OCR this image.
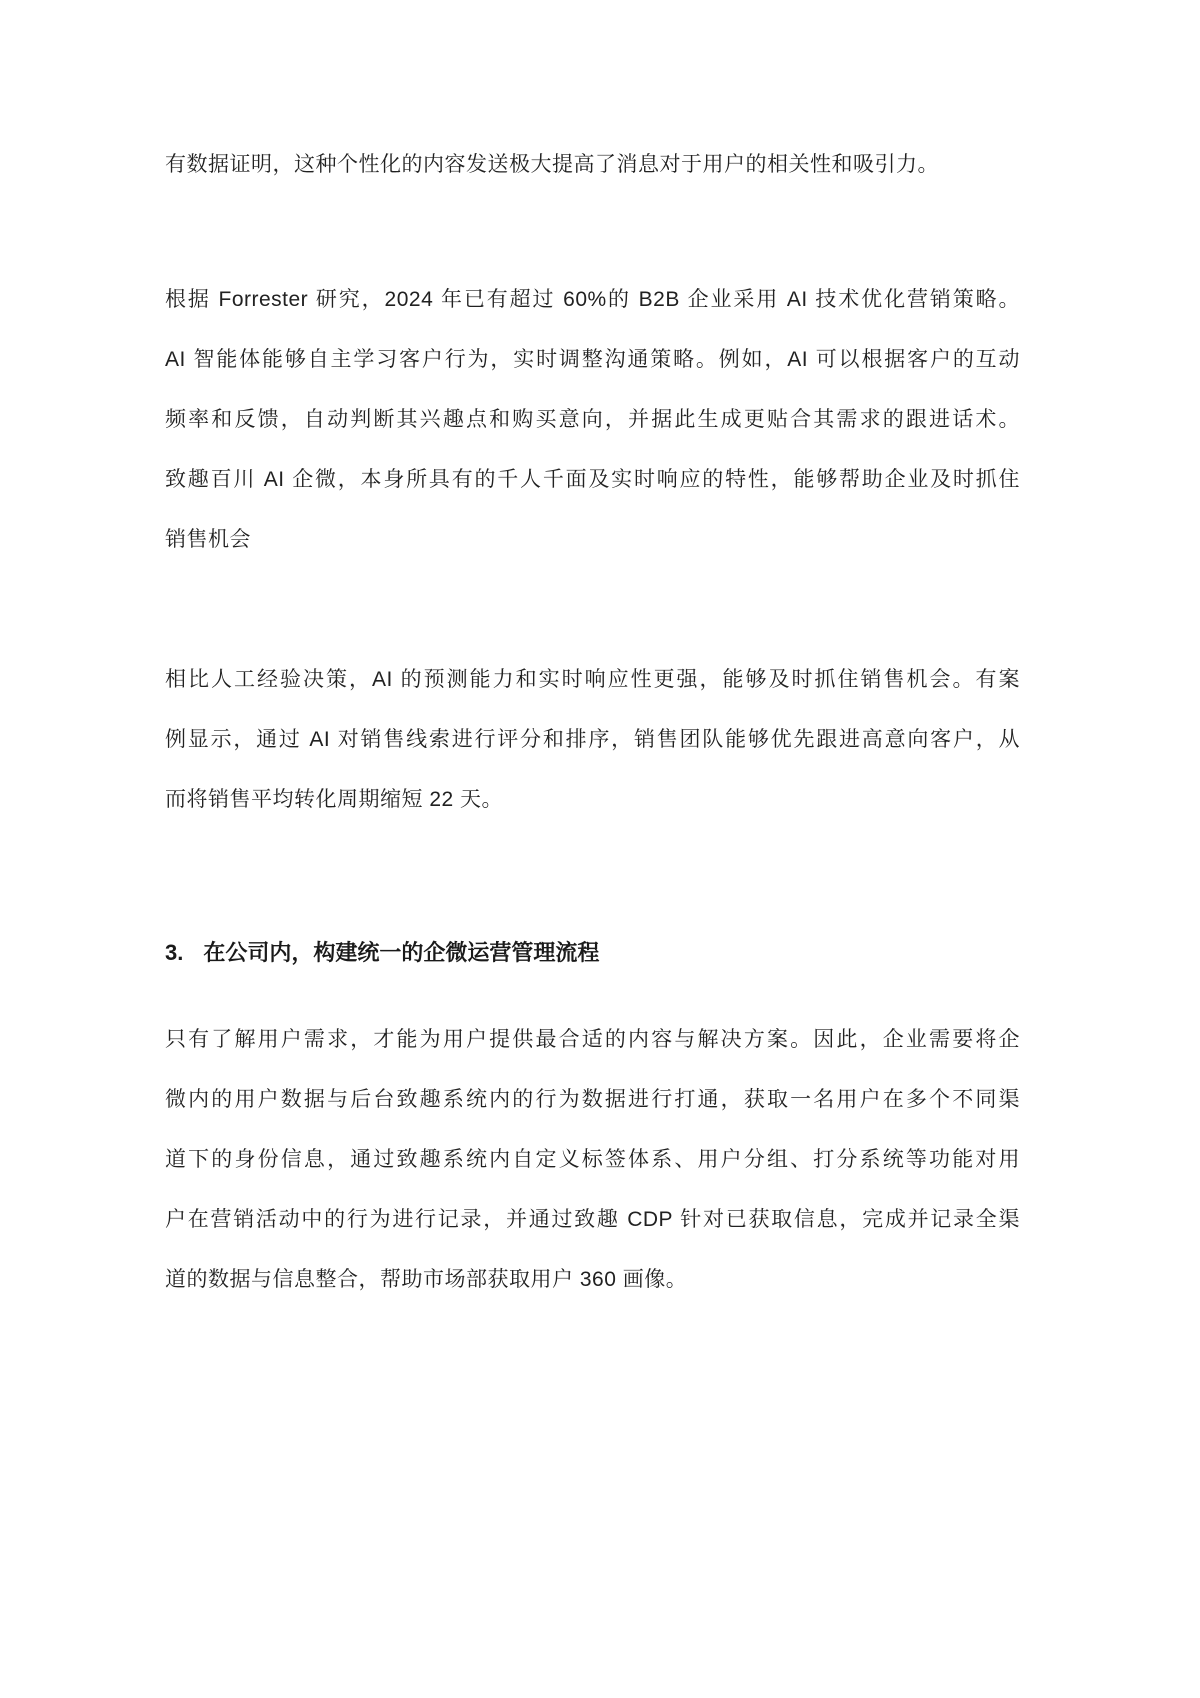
有数据证明，这种个性化的内容发送极大提高了消息对于用户的相关性和吸引力。
根据 Forrester 研究，2024 年已有超过 60%的 B2B 企业采用 AI 技术优化营销策略。
AI 智能体能够自主学习客户行为，实时调整沟通策略。例如，AI 可以根据客户的互动
频率和反馈，自动判断其兴趣点和购买意向，并据此生成更贴合其需求的跟进话术。
致趣百川 AI 企微，本身所具有的千人千面及实时响应的特性，能够帮助企业及时抓住
销售机会
相比人工经验决策，AI 的预测能力和实时响应性更强，能够及时抓住销售机会。有案
例显示，通过 AI 对销售线索进行评分和排序，销售团队能够优先跟进高意向客户，从
而将销售平均转化周期缩短 22 天。
3. 在公司内，构建统一的企微运营管理流程
只有了解用户需求，才能为用户提供最合适的内容与解决方案。因此，企业需要将企
微内的用户数据与后台致趣系统内的行为数据进行打通，获取一名用户在多个不同渠
道下的身份信息，通过致趣系统内自定义标签体系、用户分组、打分系统等功能对用
户在营销活动中的行为进行记录，并通过致趣 CDP 针对已获取信息，完成并记录全渠
道的数据与信息整合，帮助市场部获取用户 360 画像。
